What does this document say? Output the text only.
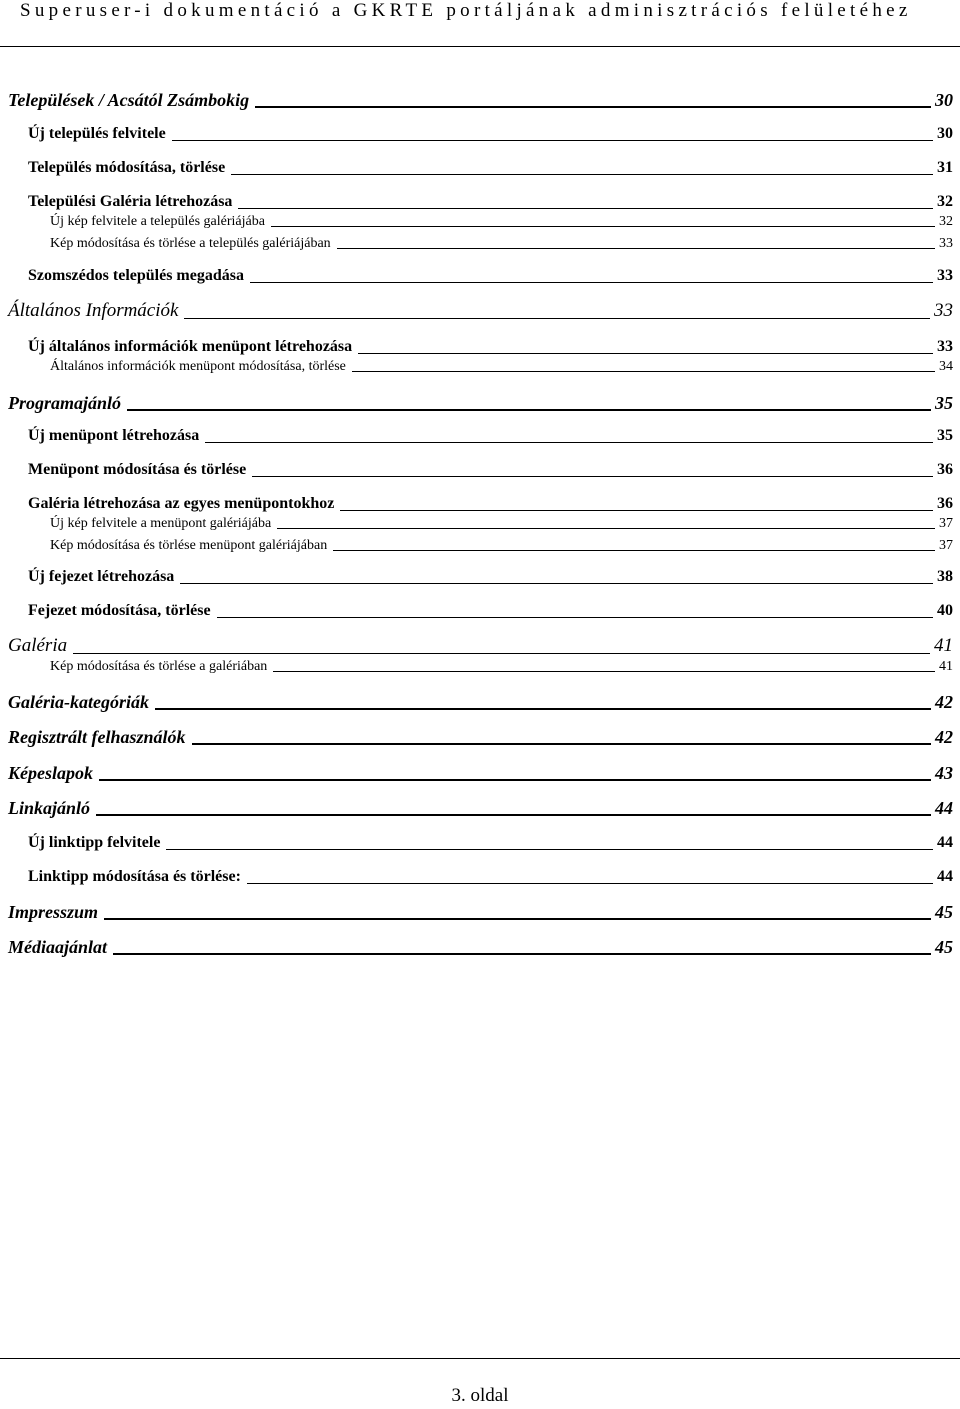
Superuser-i dokumentáció a GKRTE portáljának adminisztrációs felületéhez
Települések / Acsától Zsámbokig	30
Új település felvitele	30
Település módosítása, törlése	31
Települési Galéria létrehozása	32
Új kép felvitele a település galériájába	32
Kép módosítása és törlése a település galériájában	33
Szomszédos település megadása	33
Általános Információk	33
Új általános információk menüpont létrehozása	33
Általános információk menüpont módosítása, törlése	34
Programajánló	35
Új menüpont létrehozása	35
Menüpont módosítása és törlése	36
Galéria létrehozása az egyes menüpontokhoz	36
Új kép felvitele a menüpont galériájába	37
Kép módosítása és törlése menüpont galériájában	37
Új fejezet létrehozása	38
Fejezet módosítása, törlése	40
Galéria	41
Kép módosítása és törlése a galériában	41
Galéria-kategóriák	42
Regisztrált felhasználók	42
Képeslapok	43
Linkajánló	44
Új linktipp felvitele	44
Linktipp módosítása és törlése:	44
Impresszum	45
Médiaajánlat	45
3. oldal
